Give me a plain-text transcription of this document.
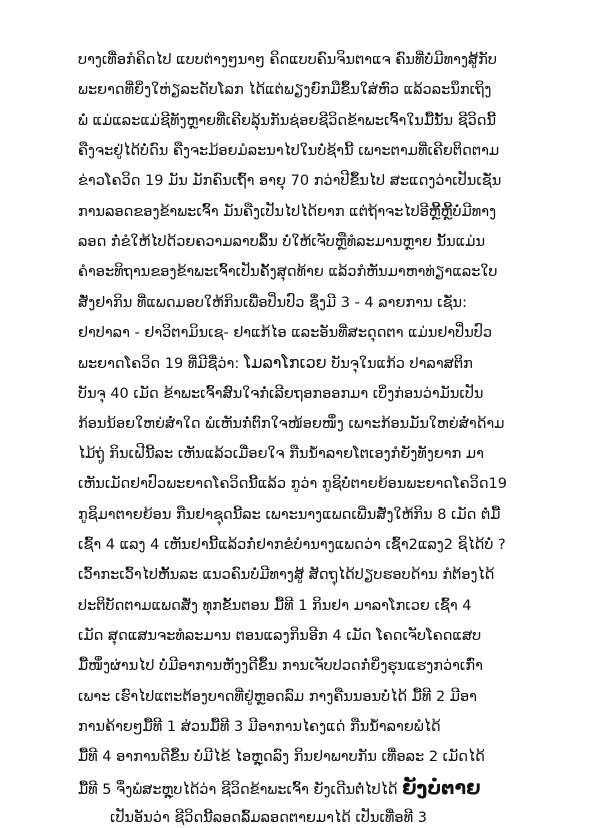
ບາງເທື່ອກໍຄິດໄປ ແບບຕ່າງໆນາໆ ຄິດແບບຄົນຈິນຕາແຈ ຄົນທີ່ບໍ່ມີທາງສູ້ກັບ
ພະຍາດທີ່ຍິ່ງໃຫ່ຽລະດັບໂລກ ໄດ້ແຕ່ພຽງຍົກມືຂຶ້ນໃສ່ຫົວ ແລ້ວລະນຶກເຖິງ
ພໍ່ ແມ່ແລະແມ່ຊີທັງຫຼາຍທີ່ເຄີຍລຸ້ນກັນຊ່ອຍຊີວິດຂ້າພະເຈົ້າໃນມື້ນັ້ນ ຊີວິດນີ້
ຄືງຈະຢູ່ໄດ້ບໍ່ດົນ ຄືງຈະມ້ອຍມໍລະນາໄປໃນບໍ່ຊ້ານີ້ ເພາະຕາມທີ່ເຄີຍຕິດຕາມ
ຂ່າວໂຄວິດ 19 ມັນ ມັກຄົນເຖົ້າ ອາຍຸ 70 ກວ່າປີຂຶ້ນໄປ ສະແດງວ່າເປັນເຊັ່ນ
ການລອດຂອງຂ້າພະເຈົ້າ ມັນຄືງເປັນໄປໄດ້ຍາກ ແຕ່ຖ້າຈະໄປອີຫຼີ້ຫຼີ້ບໍ່ມີທາງ
ລອດ ກໍ່ຂໍໃຫ້ໄປດ້ວຍຄວາມລາບລຶ້ນ ບໍ່ໃຫ້ເຈັບຫຼືທໍລະມານຫຼາຍ ນັ້ນແມ່ນ
ຄໍາອະທິຖານຂອງຂ້າພະເຈົ້າເປັນຄັ້ງສຸດທ້າຍ ແລ້ວກໍຫັນມາຫາທ່ຽາແລະໃບ
ສັ່ງຢາກິນ ທີ່ແພດມອບໃຫ້ກິນເພື່ອປິ່ນປົວ ຊຶ່ງມີ 3 - 4 ລາຍການ ເຊັ່ນ:
ຢາປາລາ - ຢາວິຕາມິນເຊ- ຢາແກ້ໄອ ແລະອັນທີ່ສະດຸດຕາ ແມ່ນຢາປິ່ນປົວ
ພະຍາດໂຄວິດ 19 ທີ່ມີຊື່ວ່າ: ໂມລາໂກເວຍ ບັນຈຸໃນແກ້ວ ປາລາສຕິກ
ບັນຈຸ 40 ເມັດ ຂ້າພະເຈົ້າສົນໃຈກໍ່ເລີຍຖອກອອກມາ ເບິ່ງກ່ອນວ່າມັນເປັນ
ກ້ອນນ້ອຍໃຫຍ່ສໍ່າໃດ ພໍເຫັນກໍ່ຕົກໃຈໜ້ອຍໜຶ່ງ ເພາະກ້ອນມັນໃຫຍ່ສໍ່າດ້າມ
ໄມ້ຖູ່ ກິນເຝີນີ້ລະ ເຫັນແລ້ວເມື່ອຍໃຈ ກືນນໍ້າລາຍໂຕເອງກໍຍັງທັງຍາກ ມາ
ເຫັນເມັດຢາປົວພະຍາດໂຄວິດນີ້ແລ້ວ ກູວ່າ ກູຊິບໍ່ຕາຍຍ້ອນພະຍາດໂຄວິດ19
ກູຊິມາຕາຍຍ້ອນ ກືນຢາຊຸດນີ້ລະ ເພາະນາງແພດເພີ່ນສັ່ງໃຫ້ກິນ 8 ເມັດ ຕໍ່ມື້
ເຊົ້າ 4 ແລງ 4 ເຫັນຢານີ້ແລ້ວກໍ່ຢາກຂໍບໍານາງແພດວ່າ ເຊົ້າ2ແລງ2 ຊິໄດ້ບໍ່ ?
ເວົ້າກະເວົ້າໄປຫັ້ນລະ ແນວຄົນບໍ່ມີທາງສູ້ ສັດຖຸໄດ້ປຽບຮອບດ້ານ ກໍຕ້ອງໄດ້
ປະຕິບັດຕາມແພດສັ່ງ ທຸກຂັ້ນຕອນ ມື້ທີ 1 ກິນຢາ ມາລາໂກເວຍ ເຊົ້າ 4
ເມັດ ສຸດແສນຈະທໍລະມານ ຕອນແລງກິນອີກ 4 ເມັດ ໂຄດເຈັບໂຄດແສບ
ມື້ໜຶ່ງຜ່ານໄປ ບໍ່ມີອາການຫັງງດີຂຶ້ນ ການເຈັບປວດກໍ່ຍິ່ງຮຸນແຮງກວ່າເກົ່າ
ເພາະ ເຮົາໄປແຕະຕ້ອງບາດທີ່ຢູ່ຫຼອດລົມ ກາງຄືນນອນບໍ່ໄດ້ ມື້ທີ 2 ມີອາ
ການຄ້າຍໆມື້ທີ 1 ສ່ວນມື້ທີ 3 ມີອາການໄຄງແດ່ ກືນນໍ້າລາຍພໍໄດ້
ມື້ທີ 4 ອາການດີຂຶ້ນ ບໍ່ມີໄຂ້ ໄອຫຼຸດລົງ ກິນຢາພາບກັນ ເທື່ອລະ 2 ເມັດໄດ້
ມື້ທີ 5 ຈຶ່ງພໍສະຫຼຸບໄດ້ວ່າ ຊີວິດຂ້າພະເຈົ້າ ຍັງເດີນຕໍ່ໄປໄດ້ ຍັງບໍ່ຕາຍ
ເປັນອັນວ່າ ຊີວິດນີ້ລອດລົ້ມລອດຕາຍມາໄດ້ ເປັນເທື່ອທີ 3
